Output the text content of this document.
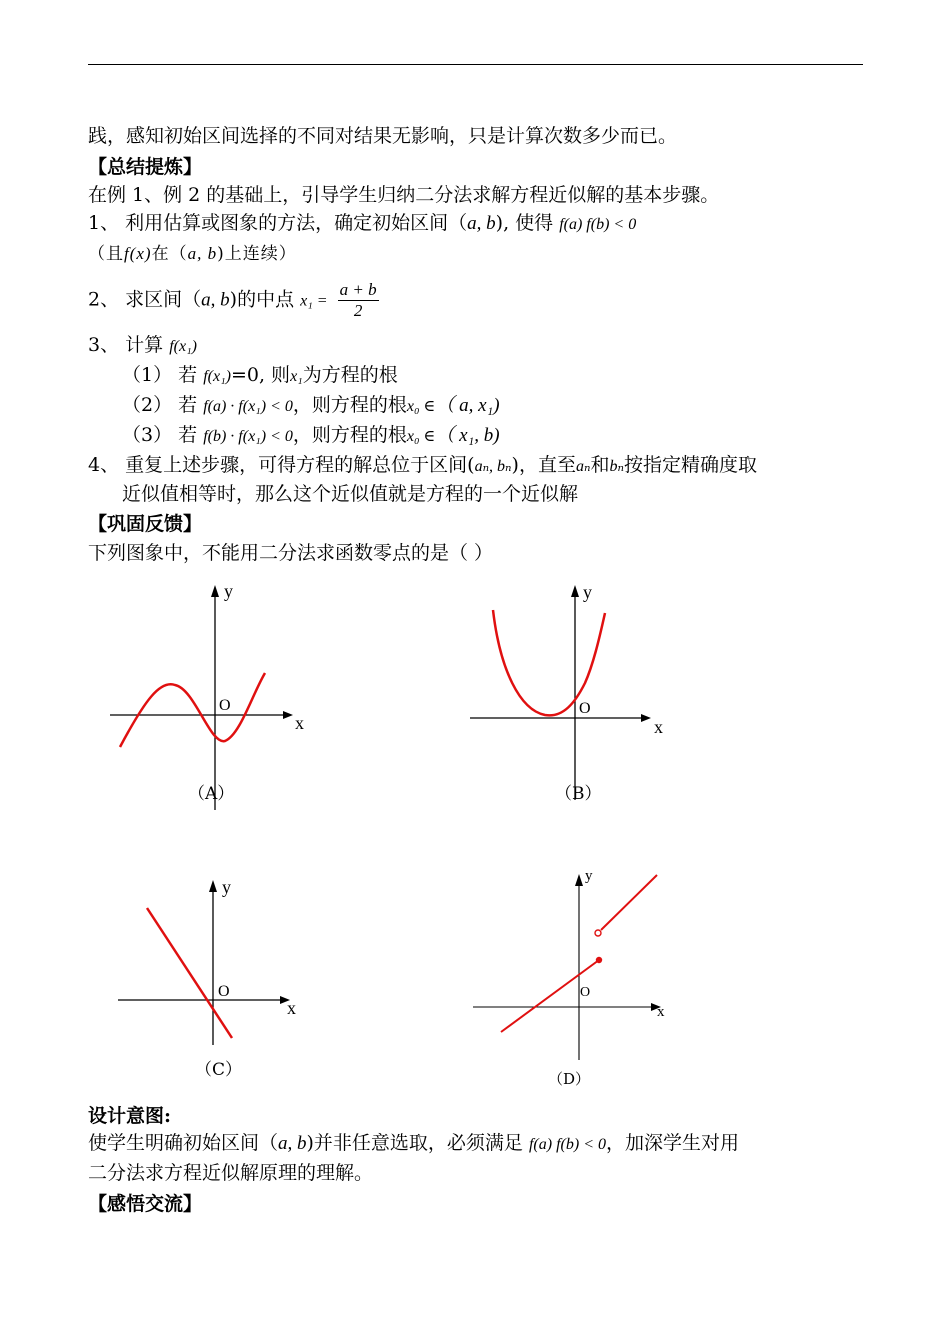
践，感知初始区间选择的不同对结果无影响，只是计算次数多少而已。
【总结提炼】
在例 1、例 2 的基础上，引导学生归纳二分法求解方程近似解的基本步骤。
1、 利用估算或图象的方法，确定初始区间（a, b), 使得 f(a) f(b) < 0
（且f(x)在（a, b)上连续）
2、 求区间（a, b)的中点 $x_1 = \frac{a + b}{2}$
3、 计算 f(x₁)
（1） 若 f(x₁)=0, 则x₁为方程的根
（2） 若 f(a) · f(x₁) < 0，则方程的根x₀ ∈（ a, x₁)
（3） 若 f(b) · f(x₁) < 0，则方程的根x₀ ∈（ x₁, b)
4、 重复上述步骤，可得方程的解总位于区间(aₙ, bₙ)，直至aₙ和bₙ按指定精确度取
近似值相等时，那么这个近似值就是方程的一个近似解
【巩固反馈】
下列图象中，不能用二分法求函数零点的是（ ）
y
x
O
（A）
y
x
O
（B）
y
x
O
（C）
y
x
O
（D）
设计意图:
使学生明确初始区间（a, b)并非任意选取，必须满足 f(a) f(b) < 0，加深学生对用
二分法求方程近似解原理的理解。
【感悟交流】
